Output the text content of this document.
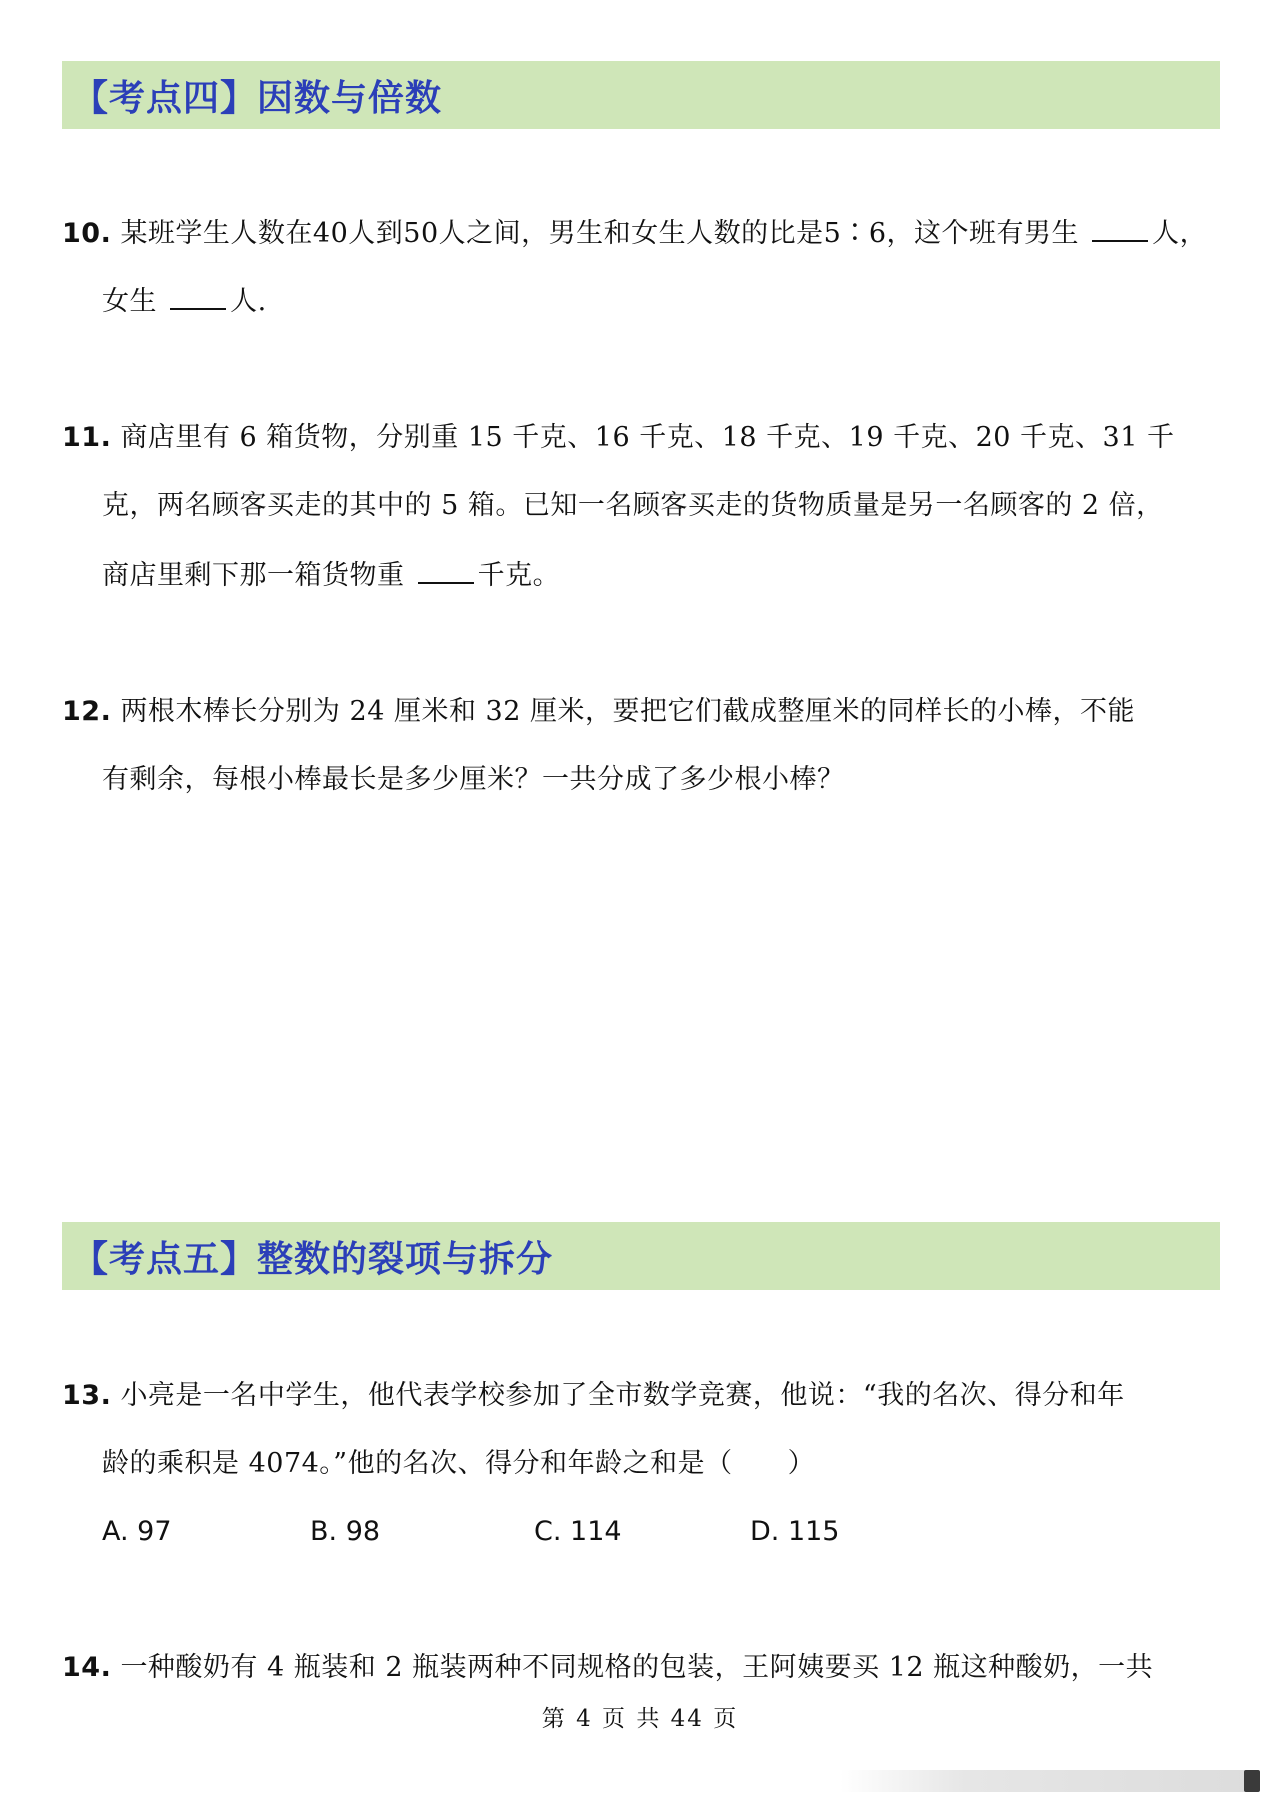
【考点四】因数与倍数
10. 某班学生人数在40人到50人之间，男生和女生人数的比是5∶6，这个班有男生	人，
女生	人.
11. 商店里有 6 箱货物，分别重 15 千克、16 千克、18 千克、19 千克、20 千克、31 千
克，两名顾客买走的其中的 5 箱。已知一名顾客买走的货物质量是另一名顾客的 2 倍，
商店里剩下那一箱货物重	千克。
12. 两根木棒长分别为 24 厘米和 32 厘米，要把它们截成整厘米的同样长的小棒，不能
有剩余，每根小棒最长是多少厘米？一共分成了多少根小棒？
【考点五】整数的裂项与拆分
13. 小亮是一名中学生，他代表学校参加了全市数学竞赛，他说：“我的名次、得分和年
龄的乘积是 4074。”他的名次、得分和年龄之和是（　　）
A. 97	B. 98	C. 114	D. 115
14. 一种酸奶有 4 瓶装和 2 瓶装两种不同规格的包装，王阿姨要买 12 瓶这种酸奶，一共
第 4 页 共 44 页
